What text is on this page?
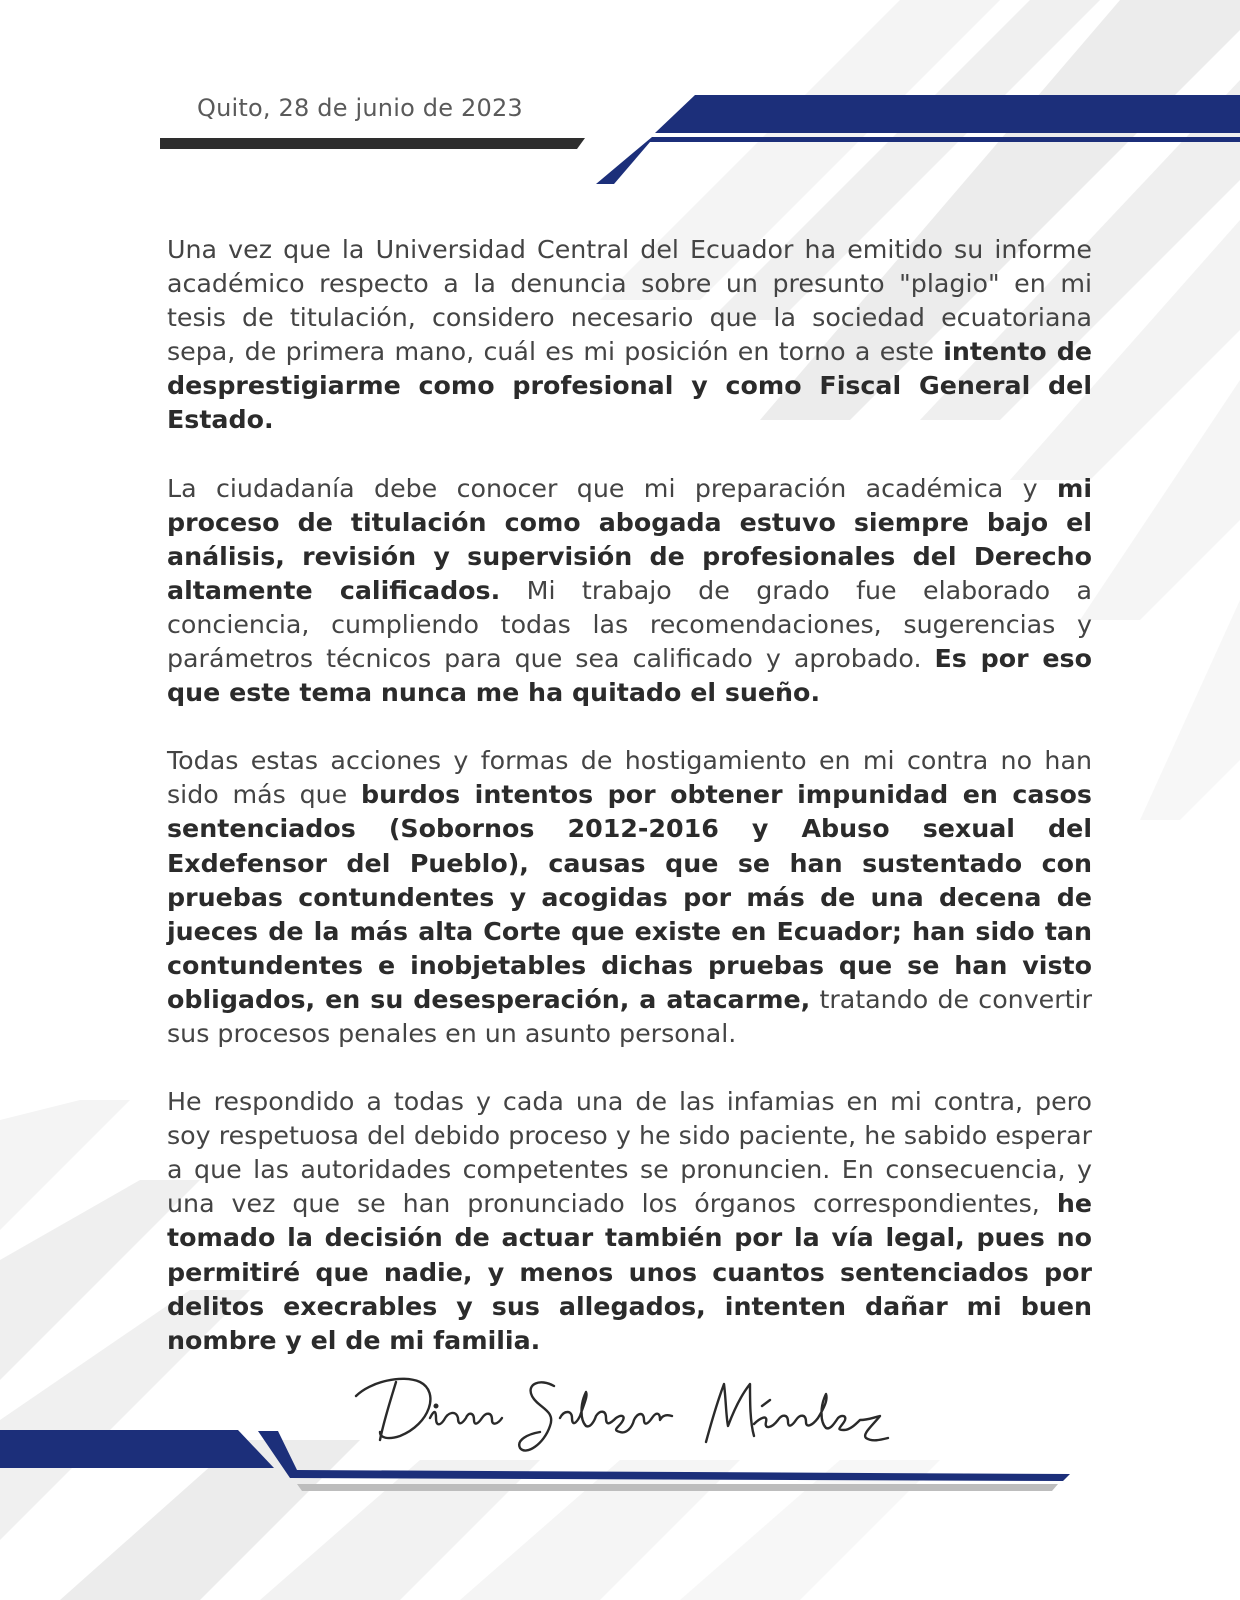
Quito, 28 de junio de 2023

Una vez que la Universidad Central del Ecuador ha emitido su informe académico respecto a la denuncia sobre un presunto "plagio" en mi tesis de titulación, considero necesario que la sociedad ecuatoriana sepa, de primera mano, cuál es mi posición en torno a este intento de desprestigiarme como profesional y como Fiscal General del Estado.

La ciudadanía debe conocer que mi preparación académica y mi proceso de titulación como abogada estuvo siempre bajo el análisis, revisión y supervisión de profesionales del Derecho altamente calificados. Mi trabajo de grado fue elaborado a conciencia, cumpliendo todas las recomendaciones, sugerencias y parámetros técnicos para que sea calificado y aprobado. Es por eso que este tema nunca me ha quitado el sueño.

Todas estas acciones y formas de hostigamiento en mi contra no han sido más que burdos intentos por obtener impunidad en casos sentenciados (Sobornos 2012-2016 y Abuso sexual del Exdefensor del Pueblo), causas que se han sustentado con pruebas contundentes y acogidas por más de una decena de jueces de la más alta Corte que existe en Ecuador; han sido tan contundentes e inobjetables dichas pruebas que se han visto obligados, en su desesperación, a atacarme, tratando de convertir sus procesos penales en un asunto personal.

He respondido a todas y cada una de las infamias en mi contra, pero soy respetuosa del debido proceso y he sido paciente, he sabido esperar a que las autoridades competentes se pronuncien. En consecuencia, y una vez que se han pronunciado los órganos correspondientes, he tomado la decisión de actuar también por la vía legal, pues no permitiré que nadie, y menos unos cuantos sentenciados por delitos execrables y sus allegados, intenten dañar mi buen nombre y el de mi familia.
